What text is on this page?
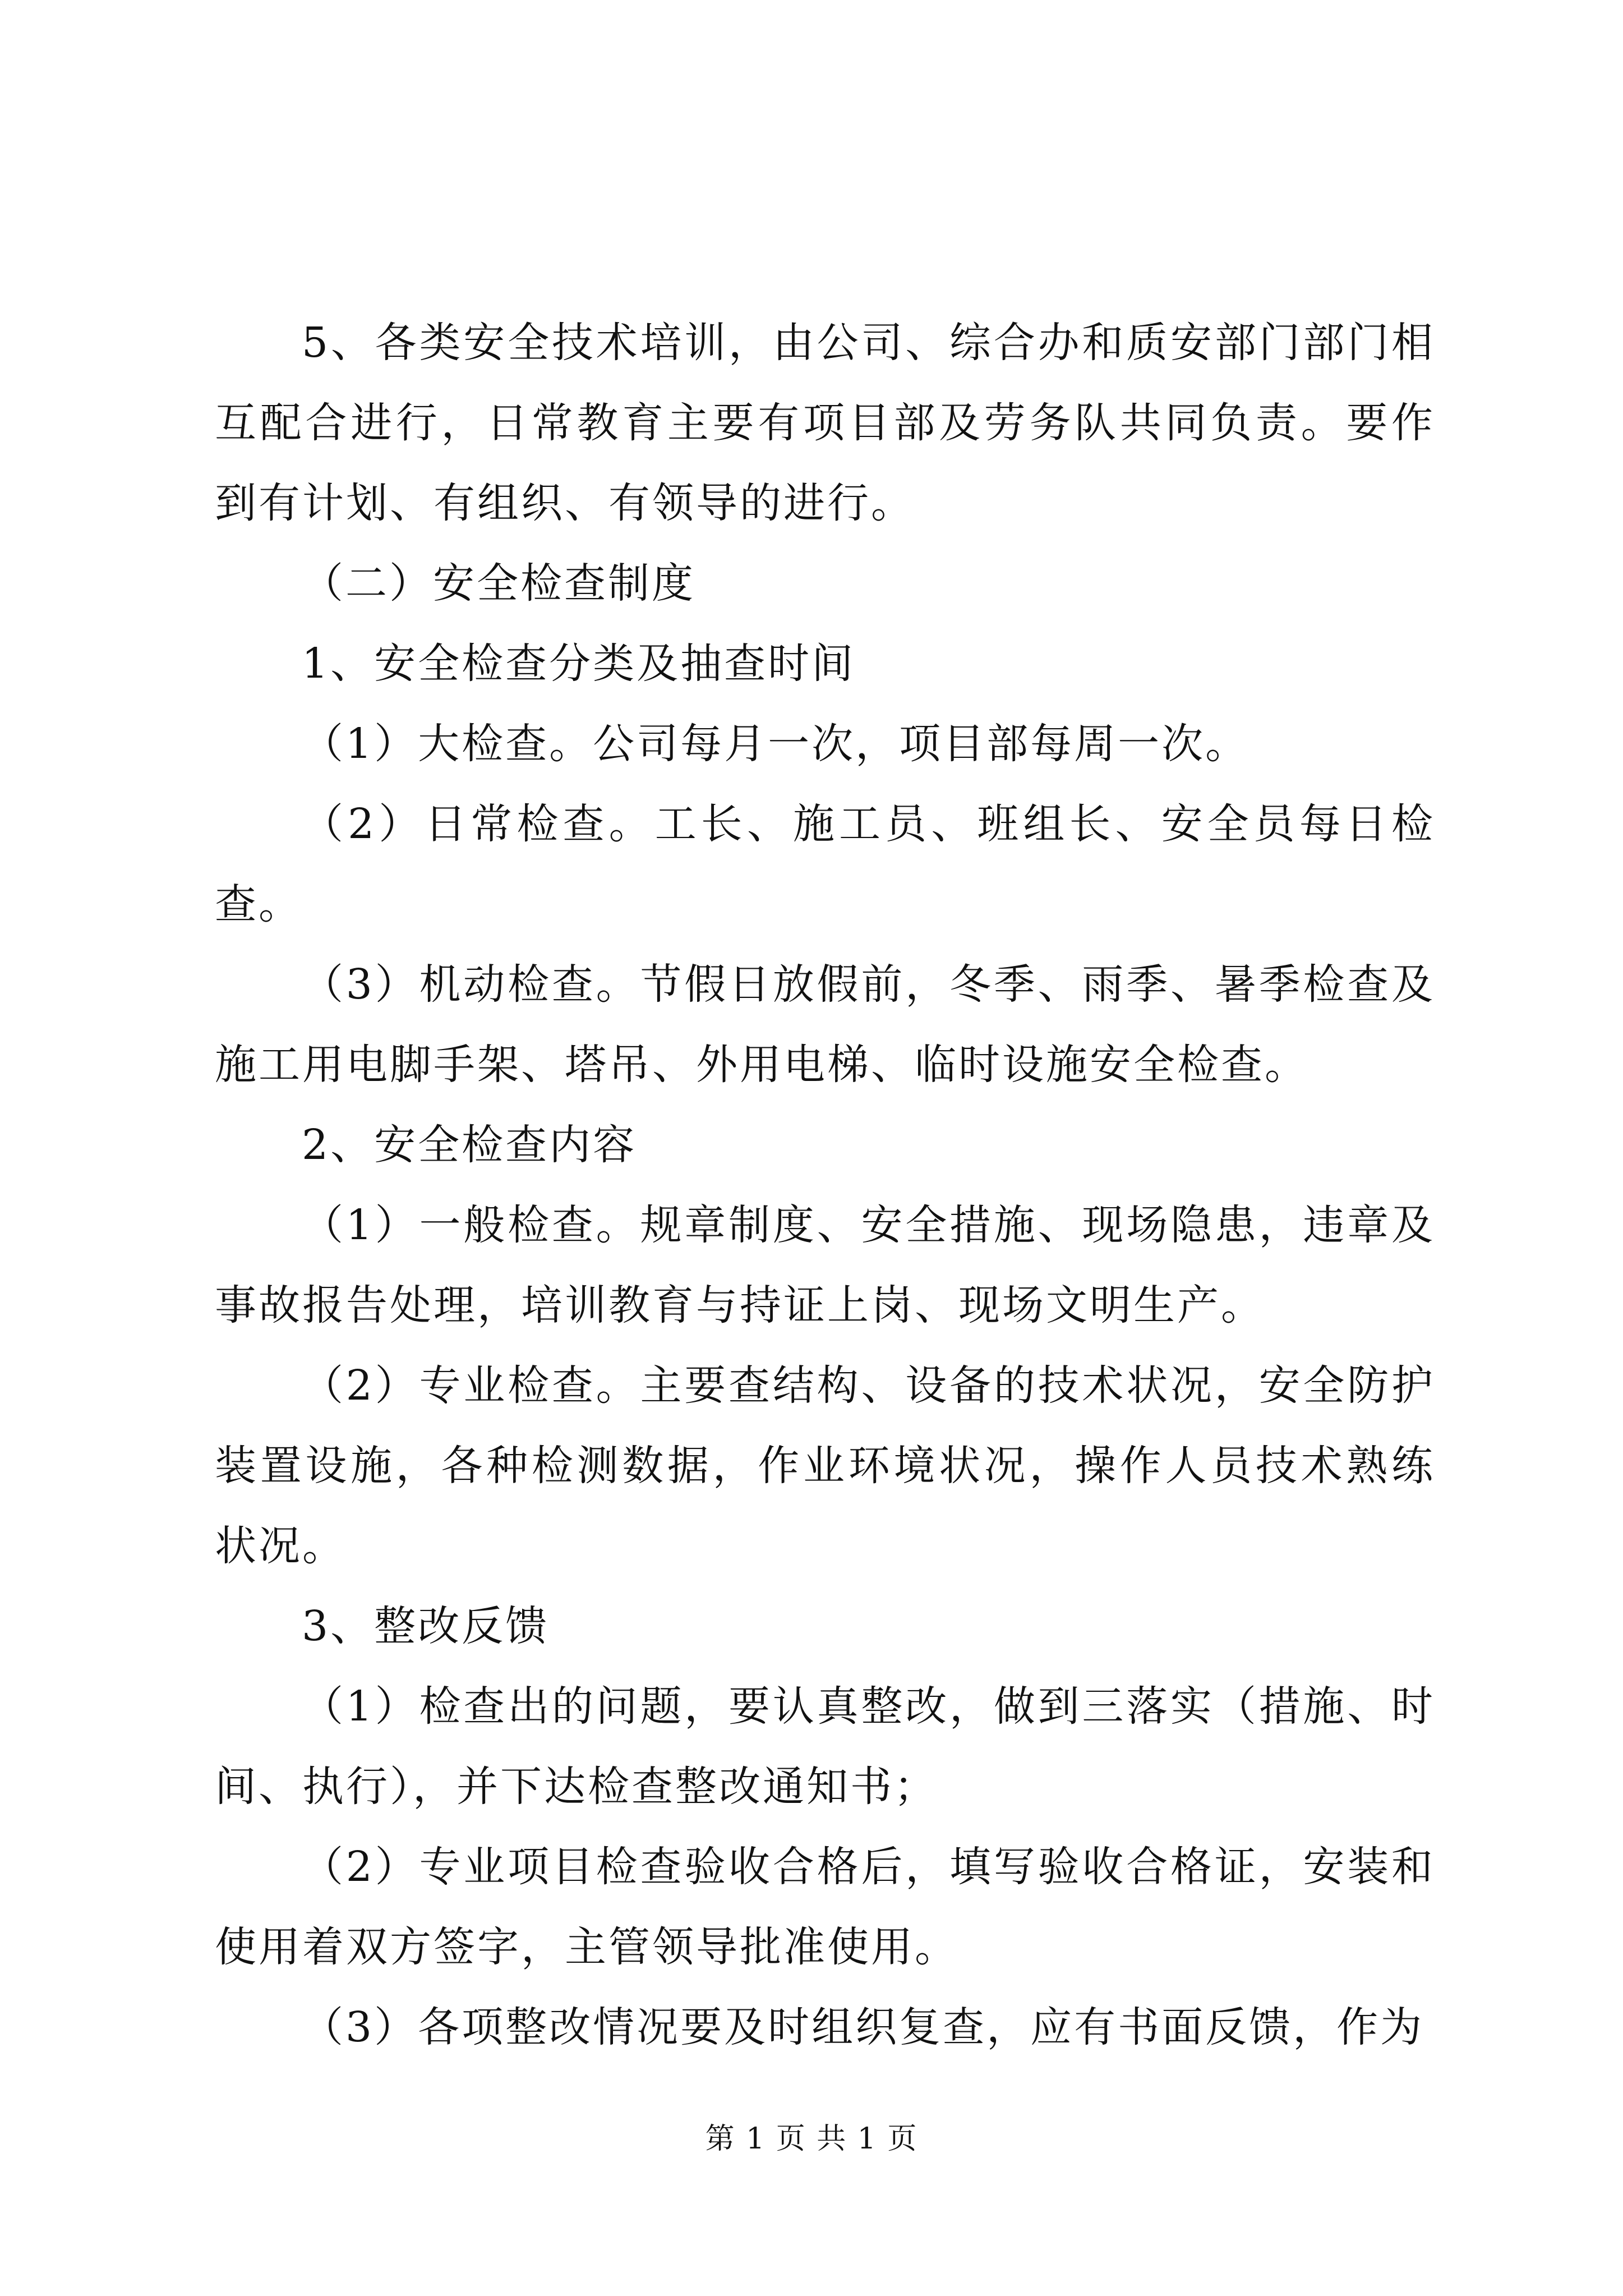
5、各类安全技术培训，由公司、综合办和质安部门部门相互配合进行，日常教育主要有项目部及劳务队共同负责。要作到有计划、有组织、有领导的进行。

（二）安全检查制度

1、安全检查分类及抽查时间

（1）大检查。公司每月一次，项目部每周一次。

（2）日常检查。工长、施工员、班组长、安全员每日检查。

（3）机动检查。节假日放假前，冬季、雨季、暑季检查及施工用电脚手架、塔吊、外用电梯、临时设施安全检查。

2、安全检查内容

（1）一般检查。规章制度、安全措施、现场隐患，违章及事故报告处理，培训教育与持证上岗、现场文明生产。

（2）专业检查。主要查结构、设备的技术状况，安全防护装置设施，各种检测数据，作业环境状况，操作人员技术熟练状况。

3、整改反馈

（1）检查出的问题，要认真整改，做到三落实（措施、时间、执行），并下达检查整改通知书；

（2）专业项目检查验收合格后，填写验收合格证，安装和使用着双方签字，主管领导批准使用。

（3）各项整改情况要及时组织复查，应有书面反馈，作为

第 1 页 共 1 页
